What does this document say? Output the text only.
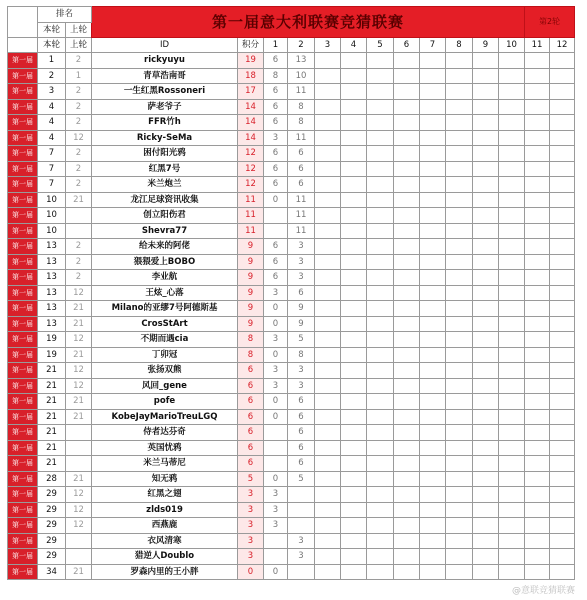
	排名		第一届意大利联赛竞猜联赛												第2轮	
	本轮	上轮														
	本轮	上轮	ID	积分	1	2	3	4	5	6	7	8	9	10	11	12
第一届	1	2	rickyuyu	19	6	13										
第一届	2	1	青草浩南哥	18	8	10										
第一届	3	2	一生红黑Rossoneri	17	6	11										
第一届	4	2	萨老爷子	14	6	8										
第一届	4	2	FFR竹h	14	6	8										
第一届	4	12	Ricky-SeMa	14	3	11										
第一届	7	2	困付阳光鸦	12	6	6										
第一届	7	2	红黑7号	12	6	6										
第一届	7	2	米兰炮兰	12	6	6										
第一届	10	21	龙江足球资讯收集	11	0	11										
第一届	10		创立阳伤君	11		11										
第一届	10		Shevra77	11		11										
第一届	13	2	给未来的阿佬	9	6	3										
第一届	13	2	猥猥爱上BOBO	9	6	3										
第一届	13	2	李业航	9	6	3										
第一届	13	12	王炫_心落	9	3	6										
第一届	13	21	Milano的亚缪7号阿德斯基	9	0	9										
第一届	13	21	CrosStArt	9	0	9										
第一届	19	12	不期而遇cia	8	3	5										
第一届	19	21	丁卯冠	8	0	8										
第一届	21	12	张扬双熊	6	3	3										
第一届	21	12	风回_gene	6	3	3										
第一届	21	21	pofe	6	0	6										
第一届	21	21	KobeJayMarioTreuLGQ	6	0	6										
第一届	21		侍者达芬奇	6		6										
第一届	21		英国忧鸦	6		6										
第一届	21		米兰马蒂尼	6		6										
第一届	28	21	知无鸦	5	0	5										
第一届	29	12	红黑之翅	3	3											
第一届	29	12	zlds019	3	3											
第一届	29	12	西燕鹿	3	3											
第一届	29		衣风清寒	3		3										
第一届	29		猎逆人Doublo	3		3										
第一届	34	21	罗森内里的王小胖	0	0											
@意联竞猜联赛
